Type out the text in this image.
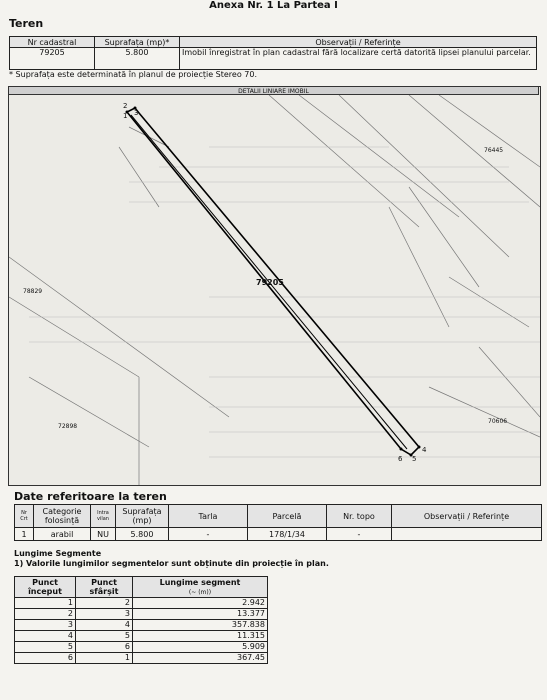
Anexa Nr. 1 La Partea I
Teren
Nr cadastral	Suprafața (mp)*	Observații / Referințe
79205	5.800	Imobil înregistrat în plan cadastral fără localizare certă datorită lipsei planului parcelar.
* Suprafața este determinată în planul de proiecție Stereo 70.
DETALII LINIARE IMOBIL
2
1 3
4
5
6
79205
76445
78829
72898
70606
Date referitoare la teren
Nr Crt	Categorie folosință	Intra vilan	Suprafața (mp)	Tarla	Parcelă	Nr. topo	Observații / Referințe
1	arabil	NU	5.800	-	178/1/34	-	
Lungime Segmente
1) Valorile lungimilor segmentelor sunt obținute din proiecție în plan.
Punct început	Punct sfârșit	Lungime segment
(~ (m))
1	2	2.942
2	3	13.377
3	4	357.838
4	5	11.315
5	6	5.909
6	1	367.45
